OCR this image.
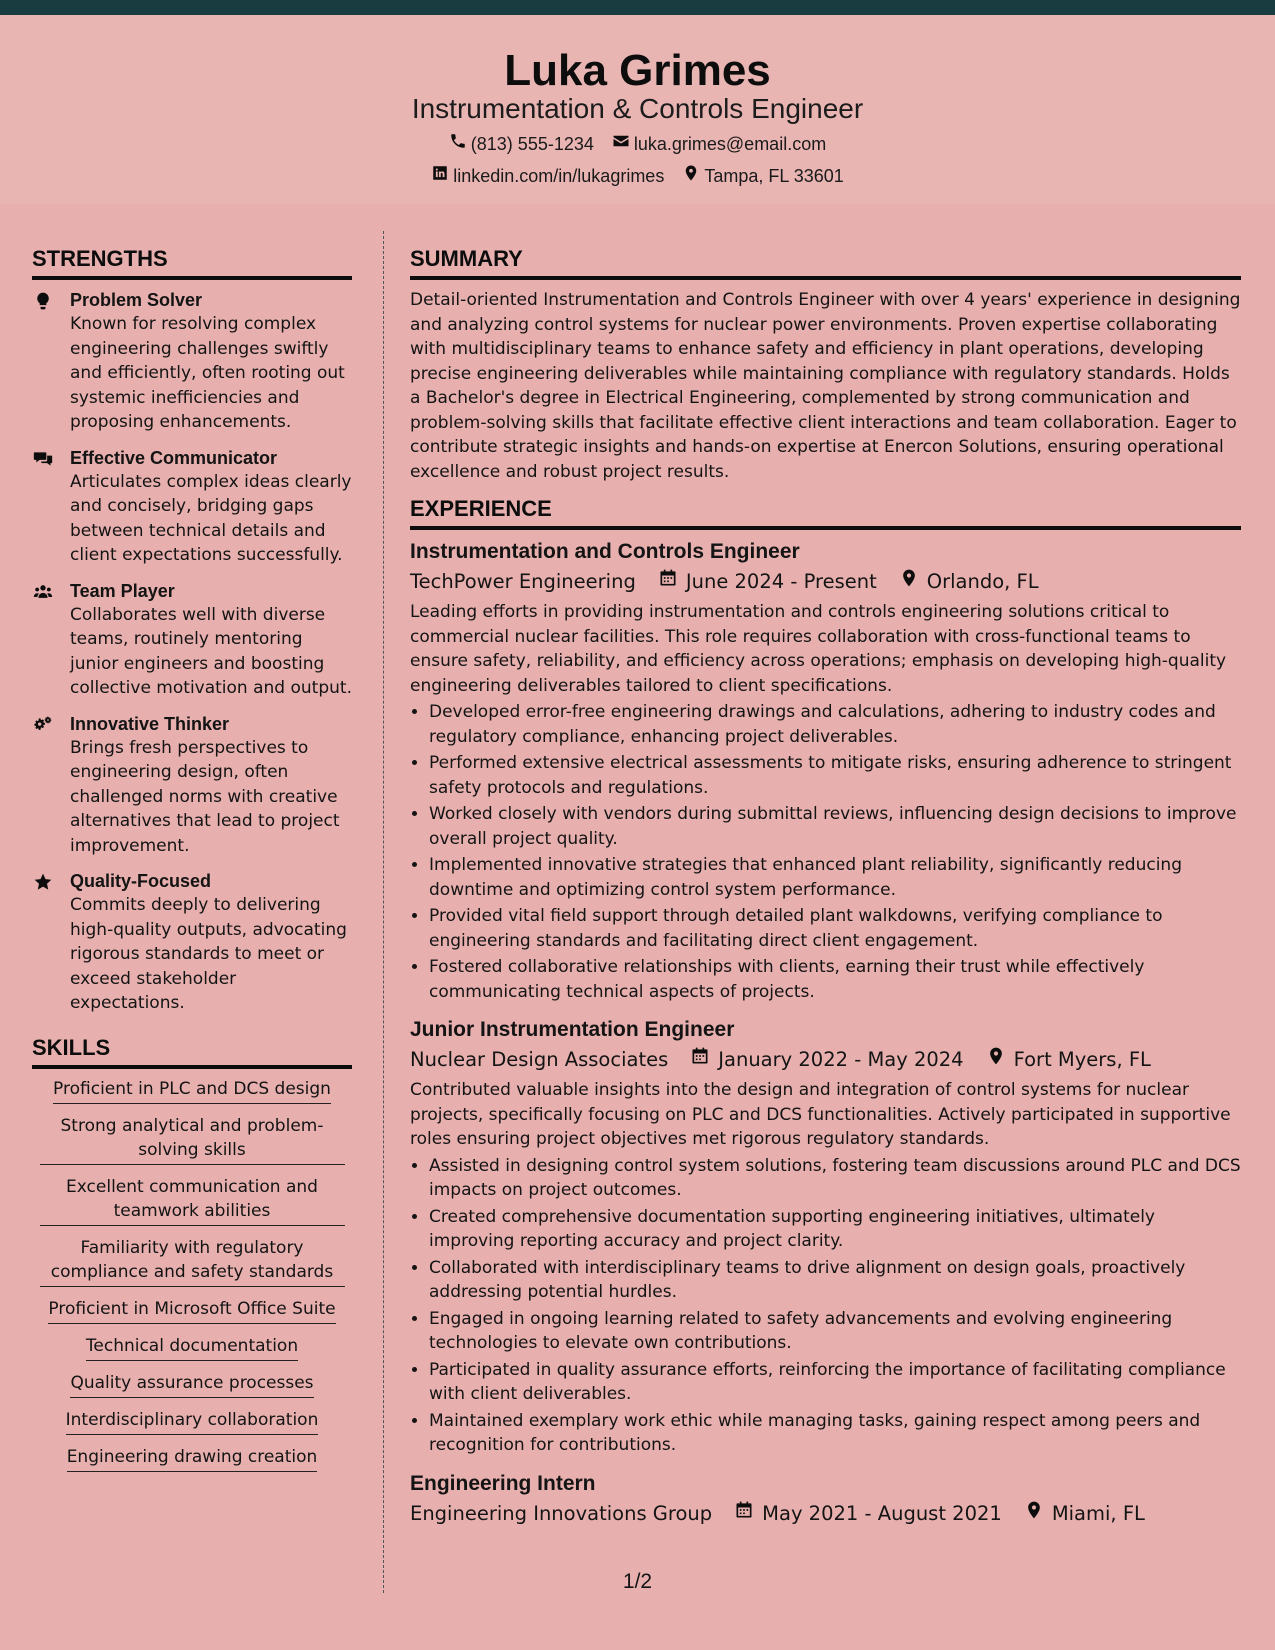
Luka Grimes
Instrumentation & Controls Engineer
(813) 555-1234 luka.grimes@email.com
linkedin.com/in/lukagrimes Tampa, FL 33601
STRENGTHS
Problem Solver
Known for resolving complex engineering challenges swiftly and efficiently, often rooting out systemic inefficiencies and proposing enhancements.
Effective Communicator
Articulates complex ideas clearly and concisely, bridging gaps between technical details and client expectations successfully.
Team Player
Collaborates well with diverse teams, routinely mentoring junior engineers and boosting collective motivation and output.
Innovative Thinker
Brings fresh perspectives to engineering design, often challenged norms with creative alternatives that lead to project improvement.
Quality-Focused
Commits deeply to delivering high-quality outputs, advocating rigorous standards to meet or exceed stakeholder expectations.
SKILLS
Proficient in PLC and DCS design
Strong analytical and problem-solving skills
Excellent communication and teamwork abilities
Familiarity with regulatory compliance and safety standards
Proficient in Microsoft Office Suite
Technical documentation
Quality assurance processes
Interdisciplinary collaboration
Engineering drawing creation
SUMMARY
Detail-oriented Instrumentation and Controls Engineer with over 4 years' experience in designing and analyzing control systems for nuclear power environments. Proven expertise collaborating with multidisciplinary teams to enhance safety and efficiency in plant operations, developing precise engineering deliverables while maintaining compliance with regulatory standards. Holds a Bachelor's degree in Electrical Engineering, complemented by strong communication and problem-solving skills that facilitate effective client interactions and team collaboration. Eager to contribute strategic insights and hands-on expertise at Enercon Solutions, ensuring operational excellence and robust project results.
EXPERIENCE
Instrumentation and Controls Engineer
TechPower Engineering	June 2024 - Present	Orlando, FL
Leading efforts in providing instrumentation and controls engineering solutions critical to commercial nuclear facilities. This role requires collaboration with cross-functional teams to ensure safety, reliability, and efficiency across operations; emphasis on developing high-quality engineering deliverables tailored to client specifications.
• Developed error-free engineering drawings and calculations, adhering to industry codes and regulatory compliance, enhancing project deliverables.
• Performed extensive electrical assessments to mitigate risks, ensuring adherence to stringent safety protocols and regulations.
• Worked closely with vendors during submittal reviews, influencing design decisions to improve overall project quality.
• Implemented innovative strategies that enhanced plant reliability, significantly reducing downtime and optimizing control system performance.
• Provided vital field support through detailed plant walkdowns, verifying compliance to engineering standards and facilitating direct client engagement.
• Fostered collaborative relationships with clients, earning their trust while effectively communicating technical aspects of projects.
Junior Instrumentation Engineer
Nuclear Design Associates	January 2022 - May 2024	Fort Myers, FL
Contributed valuable insights into the design and integration of control systems for nuclear projects, specifically focusing on PLC and DCS functionalities. Actively participated in supportive roles ensuring project objectives met rigorous regulatory standards.
• Assisted in designing control system solutions, fostering team discussions around PLC and DCS impacts on project outcomes.
• Created comprehensive documentation supporting engineering initiatives, ultimately improving reporting accuracy and project clarity.
• Collaborated with interdisciplinary teams to drive alignment on design goals, proactively addressing potential hurdles.
• Engaged in ongoing learning related to safety advancements and evolving engineering technologies to elevate own contributions.
• Participated in quality assurance efforts, reinforcing the importance of facilitating compliance with client deliverables.
• Maintained exemplary work ethic while managing tasks, gaining respect among peers and recognition for contributions.
Engineering Intern
Engineering Innovations Group	May 2021 - August 2021	Miami, FL
1/2
